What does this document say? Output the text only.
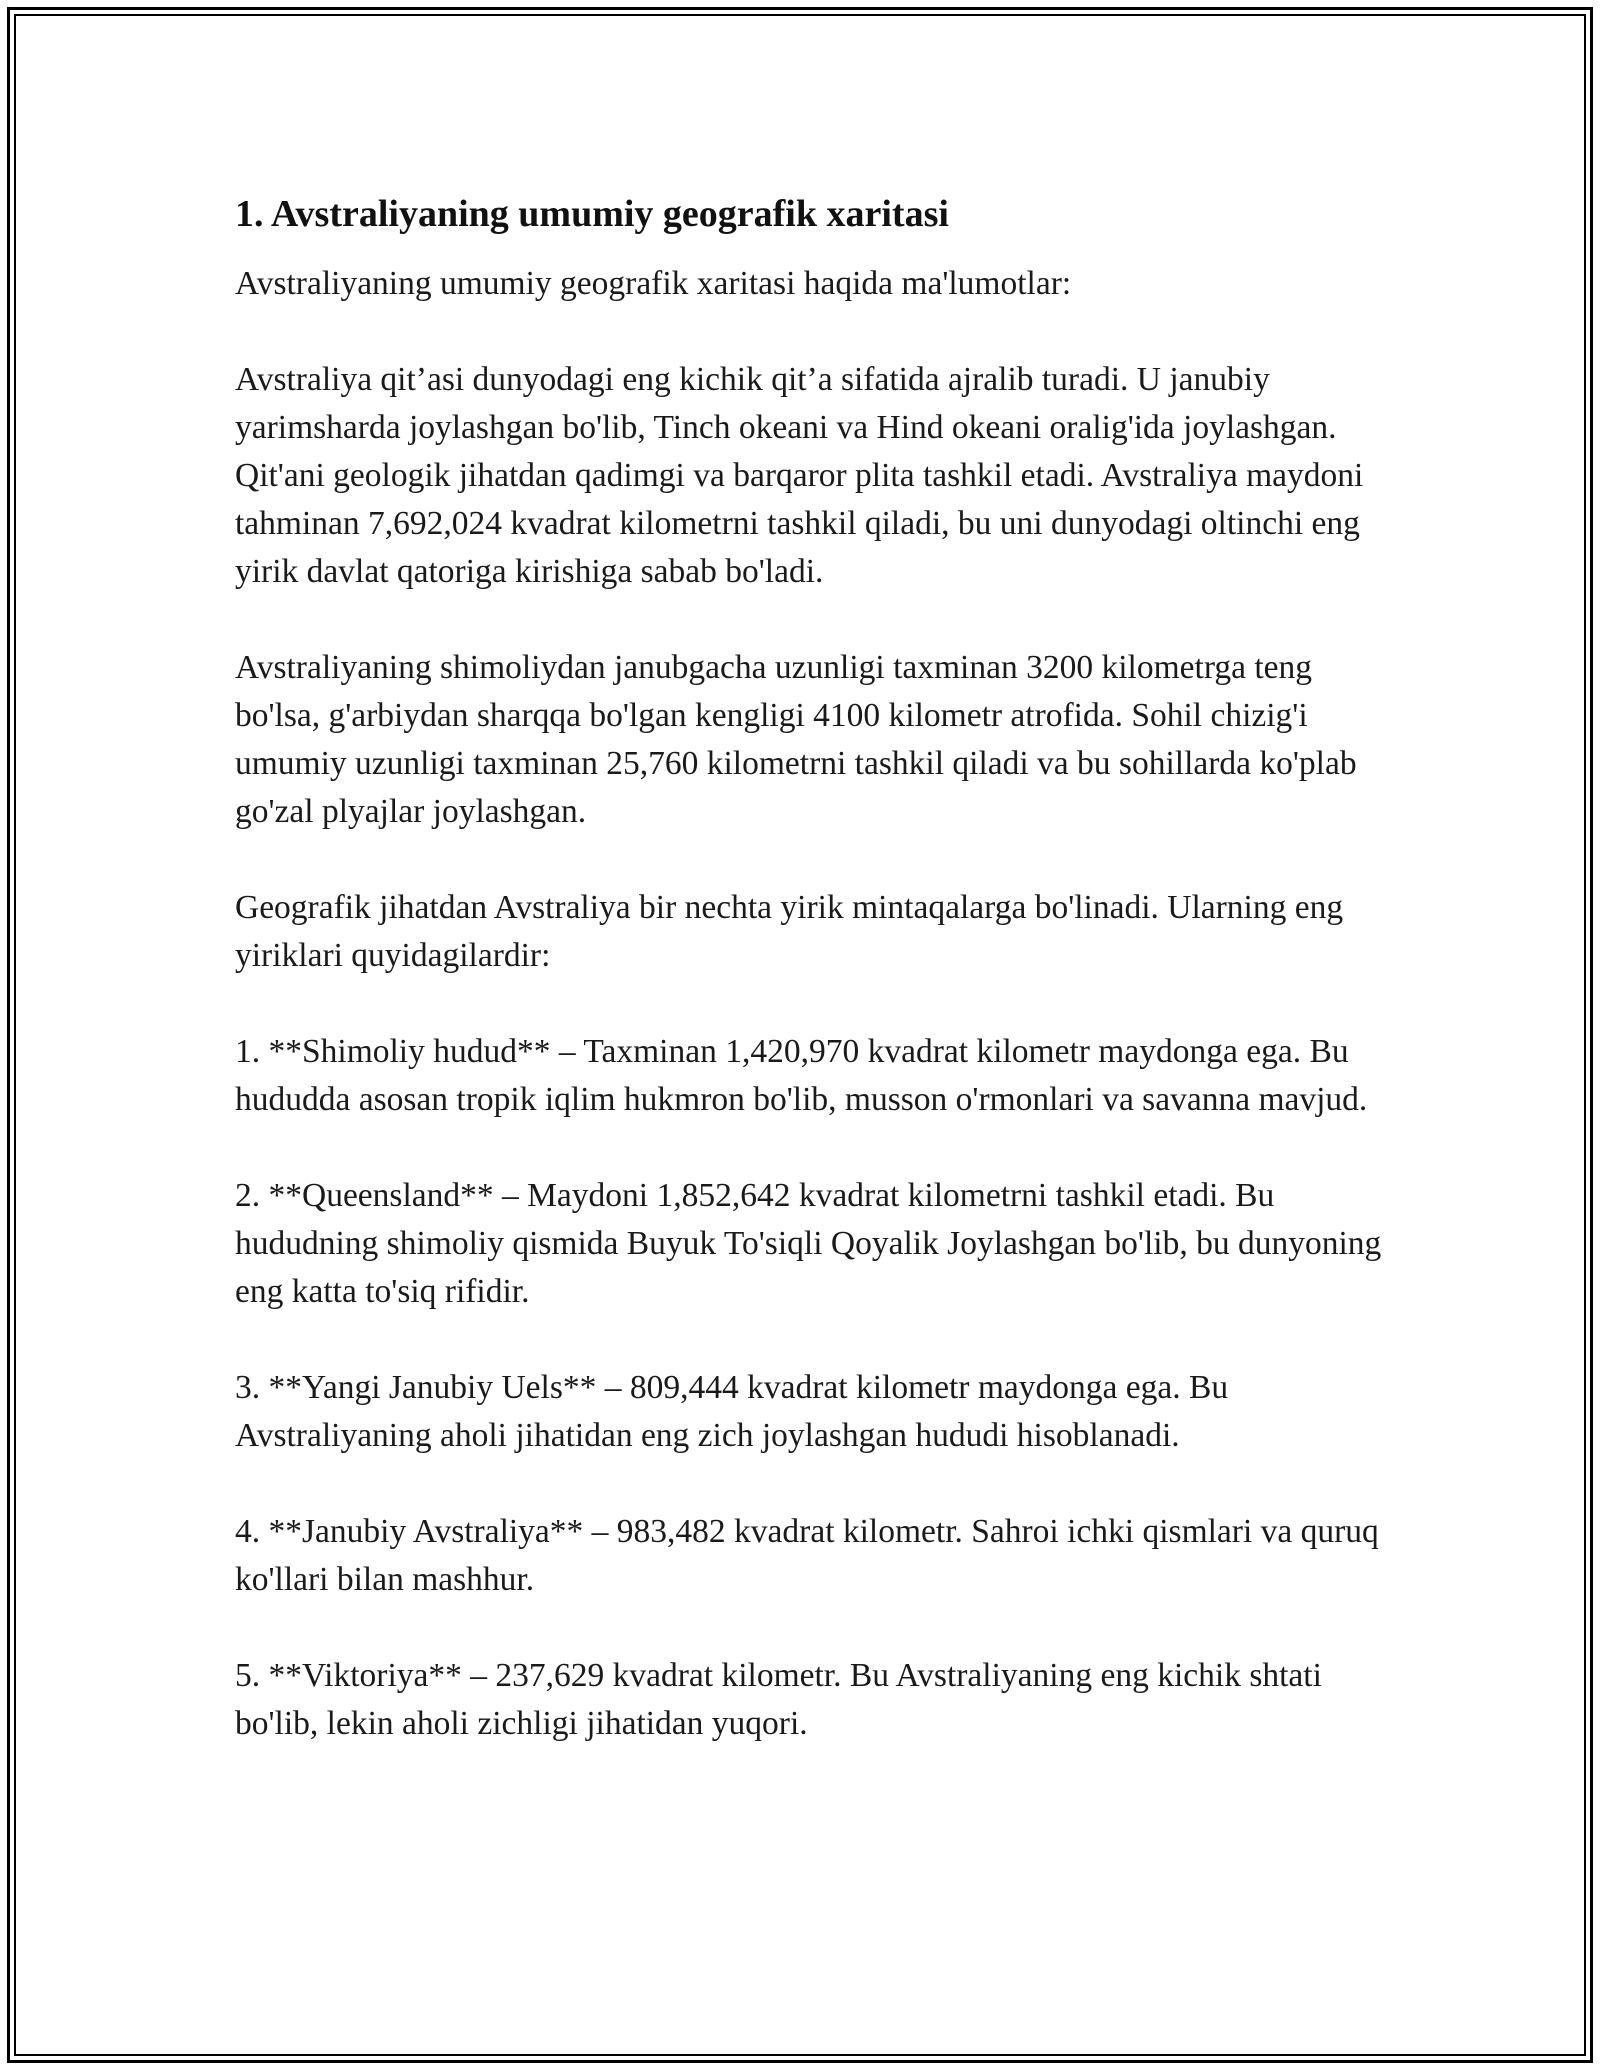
1. Avstraliyaning umumiy geografik xaritasi

Avstraliyaning umumiy geografik xaritasi haqida ma'lumotlar:

Avstraliya qit’asi dunyodagi eng kichik qit’a sifatida ajralib turadi. U janubiy yarimsharda joylashgan bo'lib, Tinch okeani va Hind okeani oralig'ida joylashgan. Qit'ani geologik jihatdan qadimgi va barqaror plita tashkil etadi. Avstraliya maydoni tahminan 7,692,024 kvadrat kilometrni tashkil qiladi, bu uni dunyodagi oltinchi eng yirik davlat qatoriga kirishiga sabab bo'ladi.

Avstraliyaning shimoliydan janubgacha uzunligi taxminan 3200 kilometrga teng bo'lsa, g'arbiydan sharqqa bo'lgan kengligi 4100 kilometr atrofida. Sohil chizig'i umumiy uzunligi taxminan 25,760 kilometrni tashkil qiladi va bu sohillarda ko'plab go'zal plyajlar joylashgan.

Geografik jihatdan Avstraliya bir nechta yirik mintaqalarga bo'linadi. Ularning eng yiriklari quyidagilardir:

1. **Shimoliy hudud** – Taxminan 1,420,970 kvadrat kilometr maydonga ega. Bu hududda asosan tropik iqlim hukmron bo'lib, musson o'rmonlari va savanna mavjud.

2. **Queensland** – Maydoni 1,852,642 kvadrat kilometrni tashkil etadi. Bu hududning shimoliy qismida Buyuk To'siqli Qoyalik Joylashgan bo'lib, bu dunyoning eng katta to'siq rifidir.

3. **Yangi Janubiy Uels** – 809,444 kvadrat kilometr maydonga ega. Bu Avstraliyaning aholi jihatidan eng zich joylashgan hududi hisoblanadi.

4. **Janubiy Avstraliya** – 983,482 kvadrat kilometr. Sahroi ichki qismlari va quruq ko'llari bilan mashhur.

5. **Viktoriya** – 237,629 kvadrat kilometr. Bu Avstraliyaning eng kichik shtati bo'lib, lekin aholi zichligi jihatidan yuqori.
